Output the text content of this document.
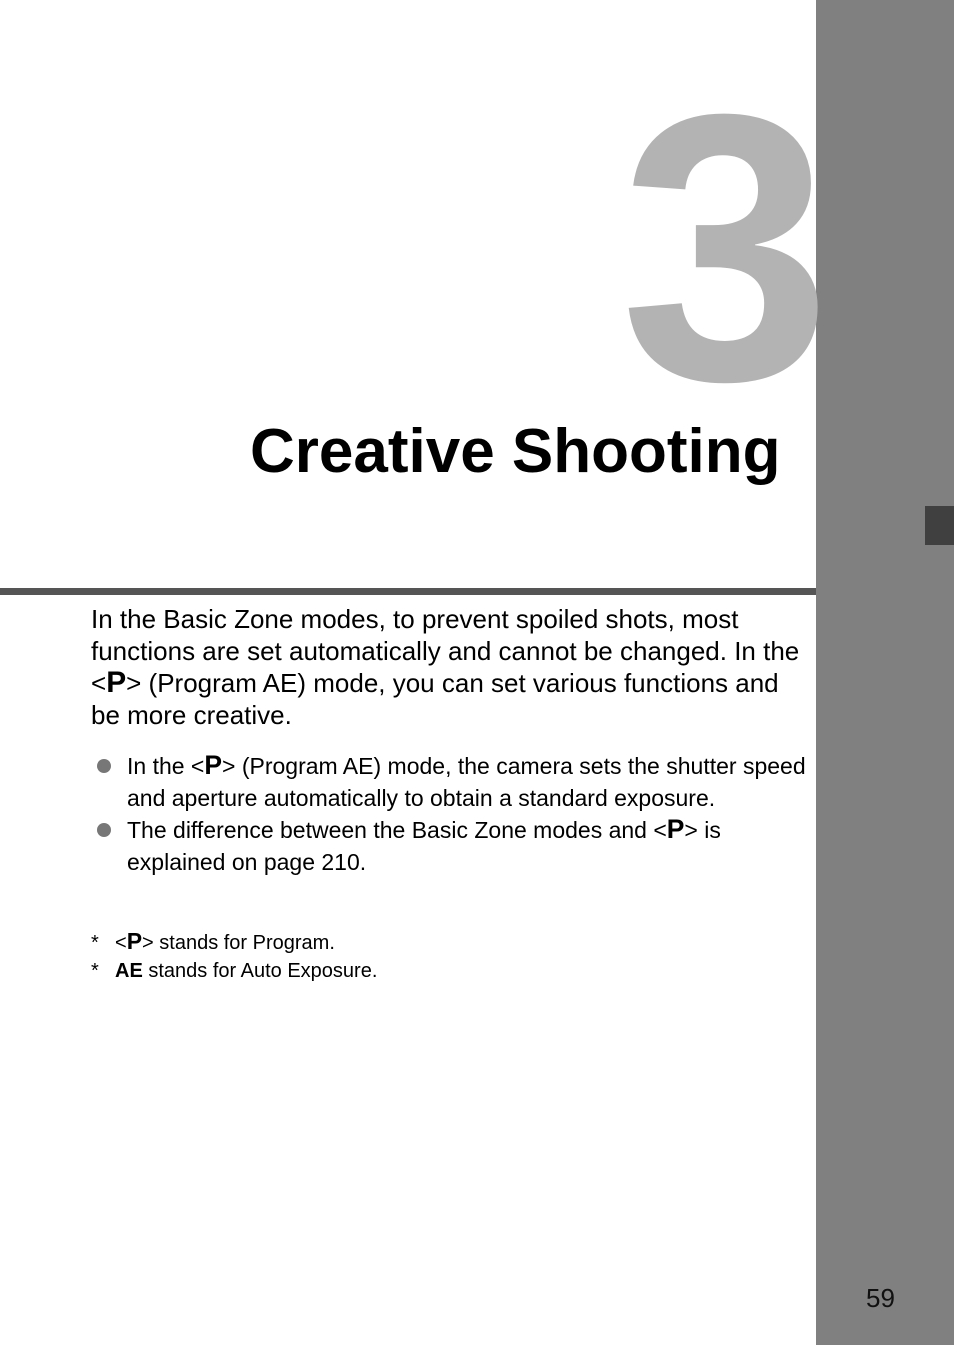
3
Creative Shooting

In the Basic Zone modes, to prevent spoiled shots, most functions are set automatically and cannot be changed. In the <P> (Program AE) mode, you can set various functions and be more creative.

In the <P> (Program AE) mode, the camera sets the shutter speed and aperture automatically to obtain a standard exposure.
The difference between the Basic Zone modes and <P> is explained on page 210.
* <P> stands for Program.
* AE stands for Auto Exposure.
59
